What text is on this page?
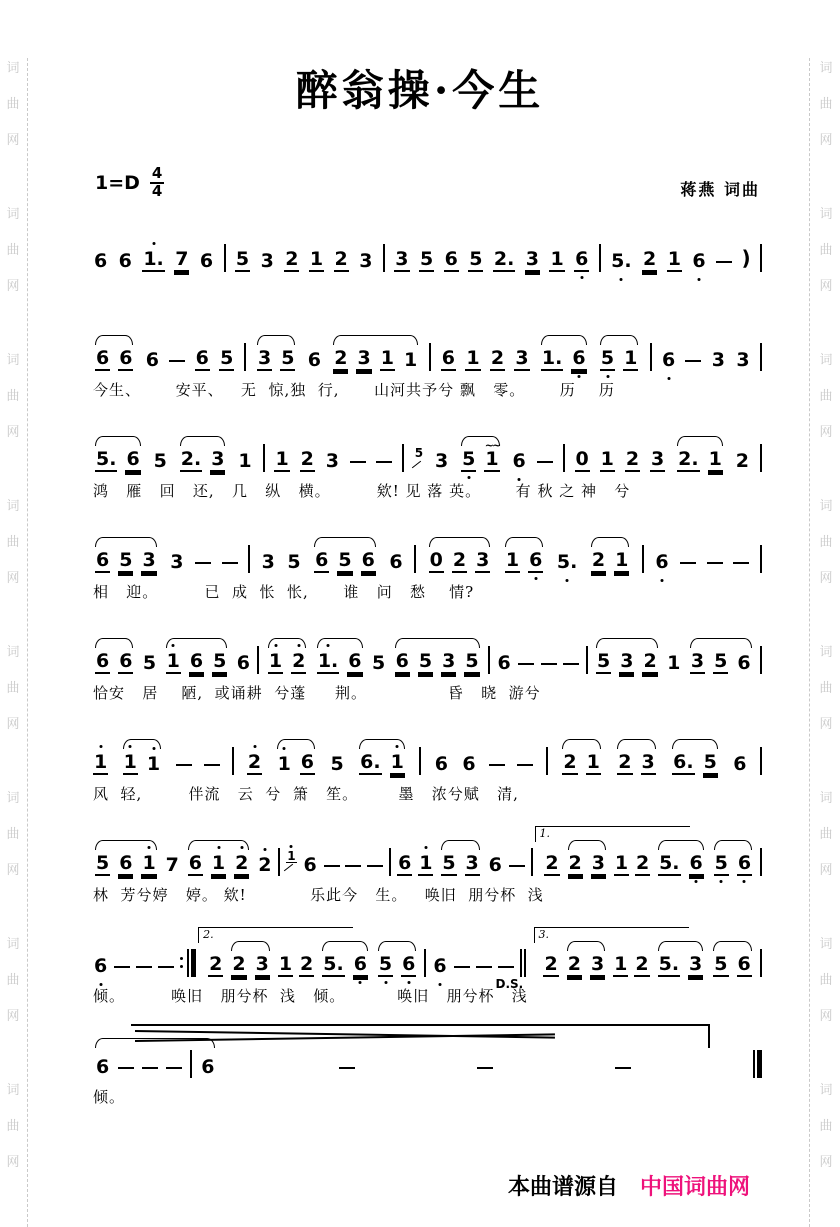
词
曲
网
词
曲
网
词
曲
网
词
曲
网
词
曲
网
词
曲
网
词
曲
网
词
曲
网
词
曲
网
词
曲
网
词
曲
网
词
曲
网
词
曲
网
词
曲
网
词
曲
网
词
曲
网
醉翁操·今生
$1=D \frac{4}{4}$	蒋燕 词曲
6 6 1. 7 6 5 3 2 1 2 3 3 5 6 5 2. 3 1 6 5. 2 1 6 )
6 6 6 6 5 3 5 6 2 3 1 1 6 1 2 3 1. 6 5 1 6 3 3
今生、      安平、   无  惊,独  行,      山河共予兮 飘   零。      历    历
5. 6 5 2. 3 1 1 2 3	5 3 5 1
~~
6	0 1 2 3 2. 1 2
鸿   雁   回   还,   几   纵   横。        欸! 见 落 英。      有 秋 之 神   兮
6 5 3 3	3 5 6 5 6 6 0 2 3 1 6 5. 2 1 6
相   迎。        已  成  怅  怅,      谁   问   愁    情?
6 6 5 1 6 5 6 1 2 1. 6 5 6 5 3 5 6	5 3 2 1 3 5 6
恰安   居    陋,  或诵耕  兮蓬     荆。              昏   晓  游兮
1 1 1	2 1 6 5 6. 1 6 6	2 1 2 3 6. 5 6
风  轻,        伴流   云  兮  箫   笙。       墨   浓兮赋   清,
5 6 1 7 6 1 2 2 1 6	6 1 5 3 6
1.
2 2 3 1 2 5. 6 5 6
林  芳兮婷   婷。 欸!           乐此今   生。   唤旧  朋兮杯  浅
6
2.
2 2 3 1 2 5. 6 5 6 6
D.S.
3.
2 2 3 1 2 5. 3 5 6
倾。        唤旧   朋兮杯  浅   倾。         唤旧   朋兮杯   浅
6	6
倾。
本曲谱源自 中国词曲网
